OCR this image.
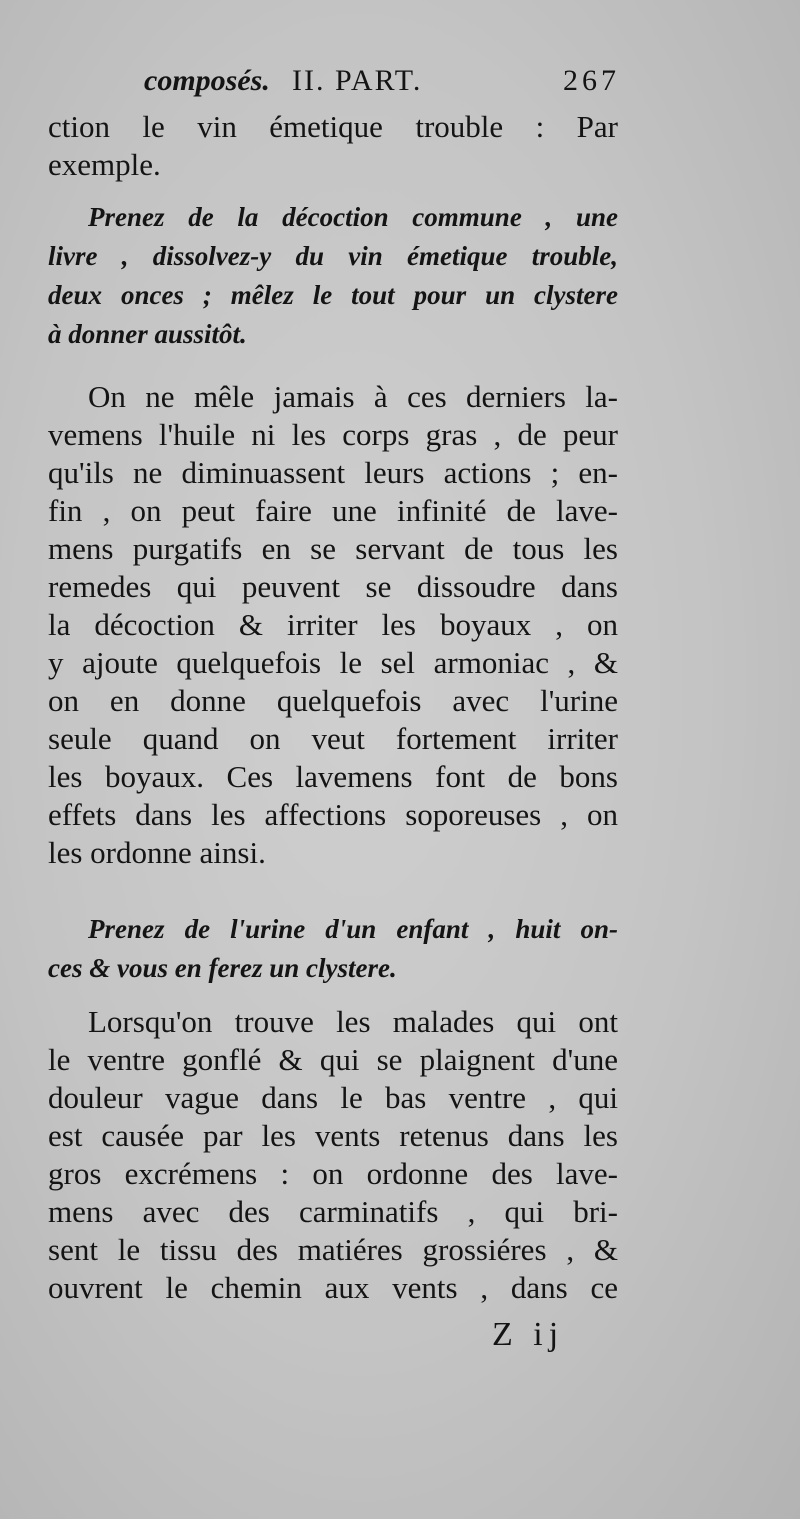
composés. II. PART.	267
ction le vin émetique trouble : Par
exemple.
Prenez de la décoction commune , une
livre , dissolvez-y du vin émetique trouble,
deux onces ; mêlez le tout pour un clystere
à donner aussitôt.
On ne mêle jamais à ces derniers la-
vemens l'huile ni les corps gras , de peur
qu'ils ne diminuassent leurs actions ; en-
fin , on peut faire une infinité de lave-
mens purgatifs en se servant de tous les
remedes qui peuvent se dissoudre dans
la décoction & irriter les boyaux , on
y ajoute quelquefois le sel armoniac , &
on en donne quelquefois avec l'urine
seule quand on veut fortement irriter
les boyaux. Ces lavemens font de bons
effets dans les affections soporeuses , on
les ordonne ainsi.
Prenez de l'urine d'un enfant , huit on-
ces & vous en ferez un clystere.
Lorsqu'on trouve les malades qui ont
le ventre gonflé & qui se plaignent d'une
douleur vague dans le bas ventre , qui
est causée par les vents retenus dans les
gros excrémens : on ordonne des lave-
mens avec des carminatifs , qui bri-
sent le tissu des matiéres grossiéres , &
ouvrent le chemin aux vents , dans ce
Z ij
